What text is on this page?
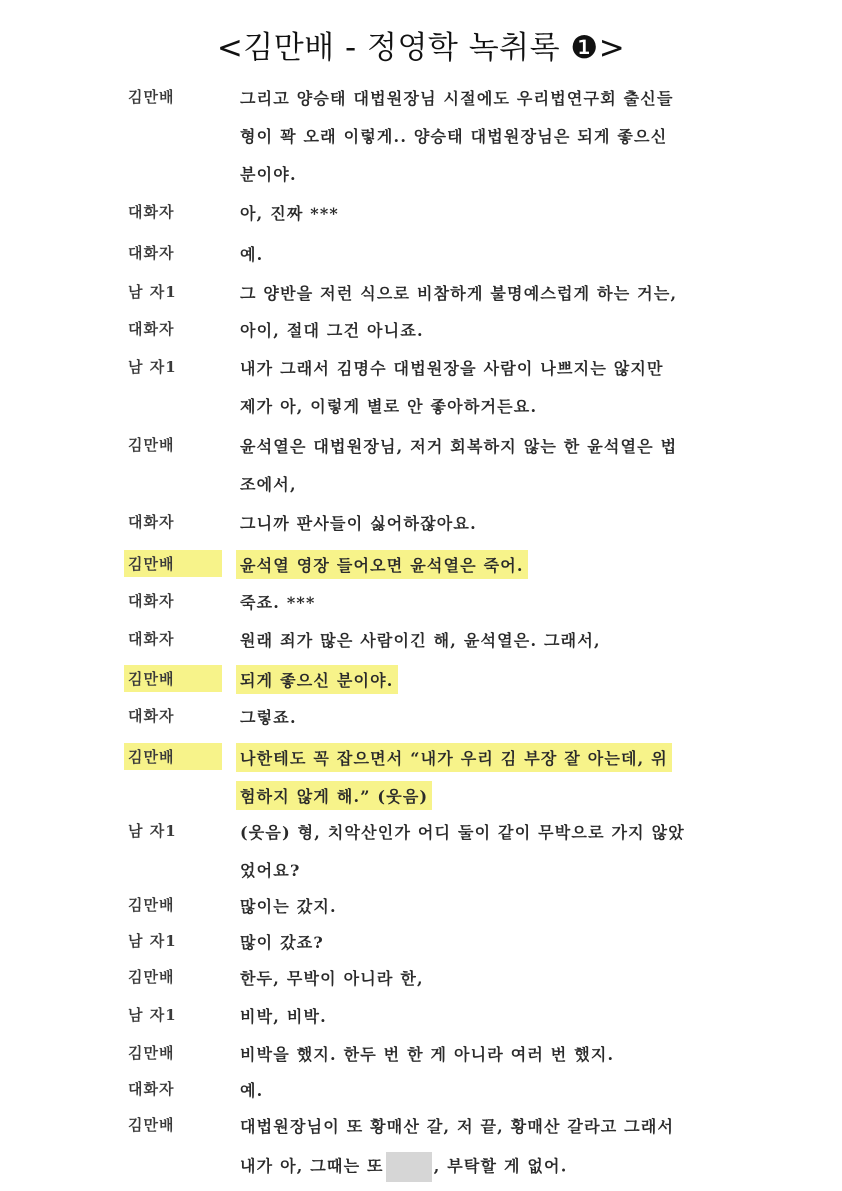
<김만배 - 정영학 녹취록 ❶>
김만배	그리고 양승태 대법원장님 시절에도 우리법연구회 출신들
형이 꽉 오래 이렇게.. 양승태 대법원장님은 되게 좋으신
분이야.
대화자	아, 진짜 ***
대화자	예.
남 자1	그 양반을 저런 식으로 비참하게 불명예스럽게 하는 거는,
대화자	아이, 절대 그건 아니죠.
남 자1	내가 그래서 김명수 대법원장을 사람이 나쁘지는 않지만
제가 아, 이렇게 별로 안 좋아하거든요.
김만배	윤석열은 대법원장님, 저거 회복하지 않는 한 윤석열은 법
조에서,
대화자	그니까 판사들이 싫어하잖아요.
김만배	윤석열 영장 들어오면 윤석열은 죽어.
대화자	죽죠. ***
대화자	원래 죄가 많은 사람이긴 해, 윤석열은. 그래서,
김만배	되게 좋으신 분이야.
대화자	그렇죠.
김만배	나한테도 꼭 잡으면서 “내가 우리 김 부장 잘 아는데, 위
험하지 않게 해.” (웃음)
남 자1	(웃음) 형, 치악산인가 어디 둘이 같이 무박으로 가지 않았
었어요?
김만배	많이는 갔지.
남 자1	많이 갔죠?
김만배	한두, 무박이 아니라 한,
남 자1	비박, 비박.
김만배	비박을 했지. 한두 번 한 게 아니라 여러 번 했지.
대화자	예.
김만배	대법원장님이 또 황매산 갈, 저 끝, 황매산 갈라고 그래서
내가 아, 그때는 또	, 부탁할 게 없어.
